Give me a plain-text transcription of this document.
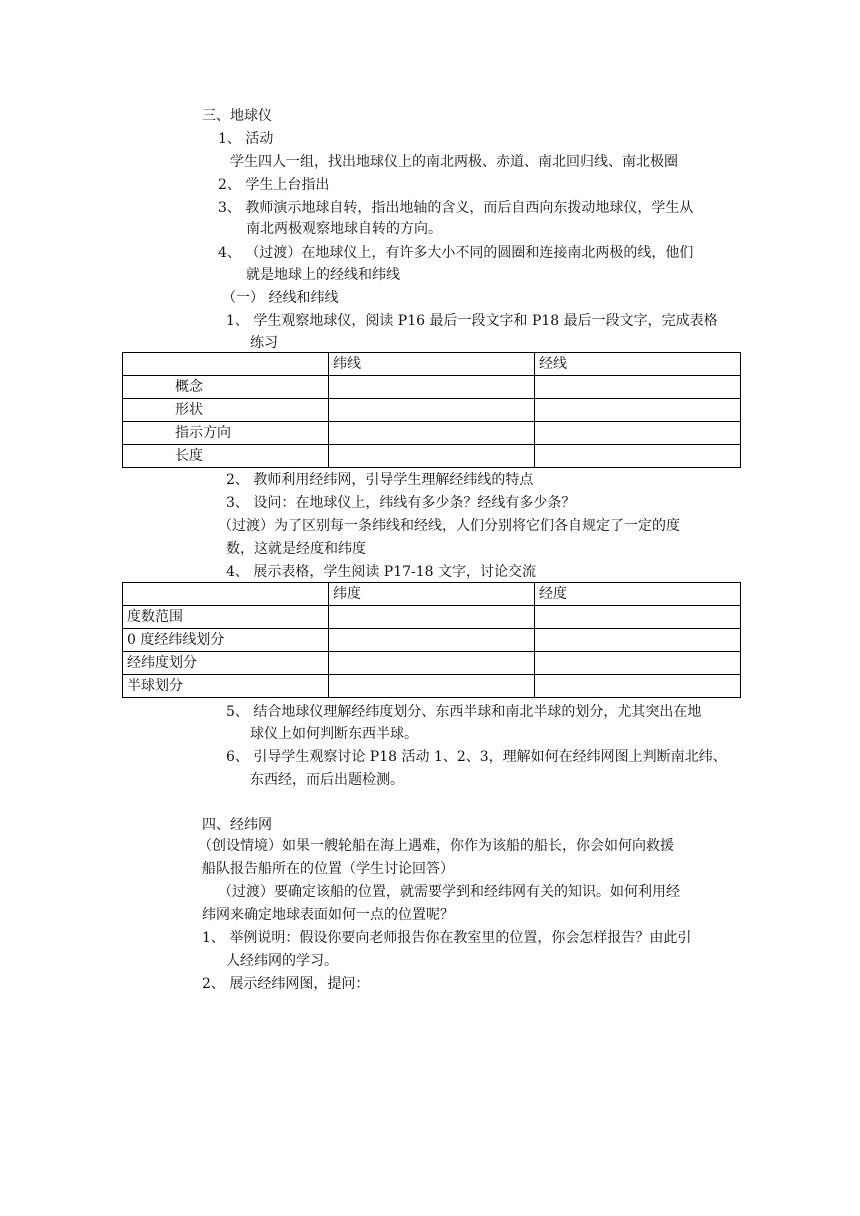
三、地球仪
1、 活动
学生四人一组，找出地球仪上的南北两极、赤道、南北回归线、南北极圈
2、 学生上台指出
3、 教师演示地球自转，指出地轴的含义，而后自西向东拨动地球仪，学生从
南北两极观察地球自转的方向。
4、 （过渡）在地球仪上，有许多大小不同的圆圈和连接南北两极的线，他们
就是地球上的经线和纬线
（一） 经线和纬线
1、 学生观察地球仪，阅读 P16 最后一段文字和 P18 最后一段文字，完成表格
练习
	纬线	经线
概念		
形状		
指示方向		
长度		
2、 教师利用经纬网，引导学生理解经纬线的特点
3、 设问：在地球仪上，纬线有多少条？经线有多少条？
（过渡）为了区别每一条纬线和经线，人们分别将它们各自规定了一定的度
数，这就是经度和纬度
4、 展示表格，学生阅读 P17-18 文字，讨论交流
	纬度	经度
度数范围		
0 度经纬线划分		
经纬度划分		
半球划分		
5、 结合地球仪理解经纬度划分、东西半球和南北半球的划分，尤其突出在地
球仪上如何判断东西半球。
6、 引导学生观察讨论 P18 活动 1、2、3，理解如何在经纬网图上判断南北纬、
东西经，而后出题检测。
四、经纬网
（创设情境）如果一艘轮船在海上遇难，你作为该船的船长，你会如何向救援
船队报告船所在的位置（学生讨论回答）
（过渡）要确定该船的位置，就需要学到和经纬网有关的知识。如何利用经
纬网来确定地球表面如何一点的位置呢？
1、 举例说明：假设你要向老师报告你在教室里的位置，你会怎样报告？由此引
人经纬网的学习。
2、 展示经纬网图，提问：
